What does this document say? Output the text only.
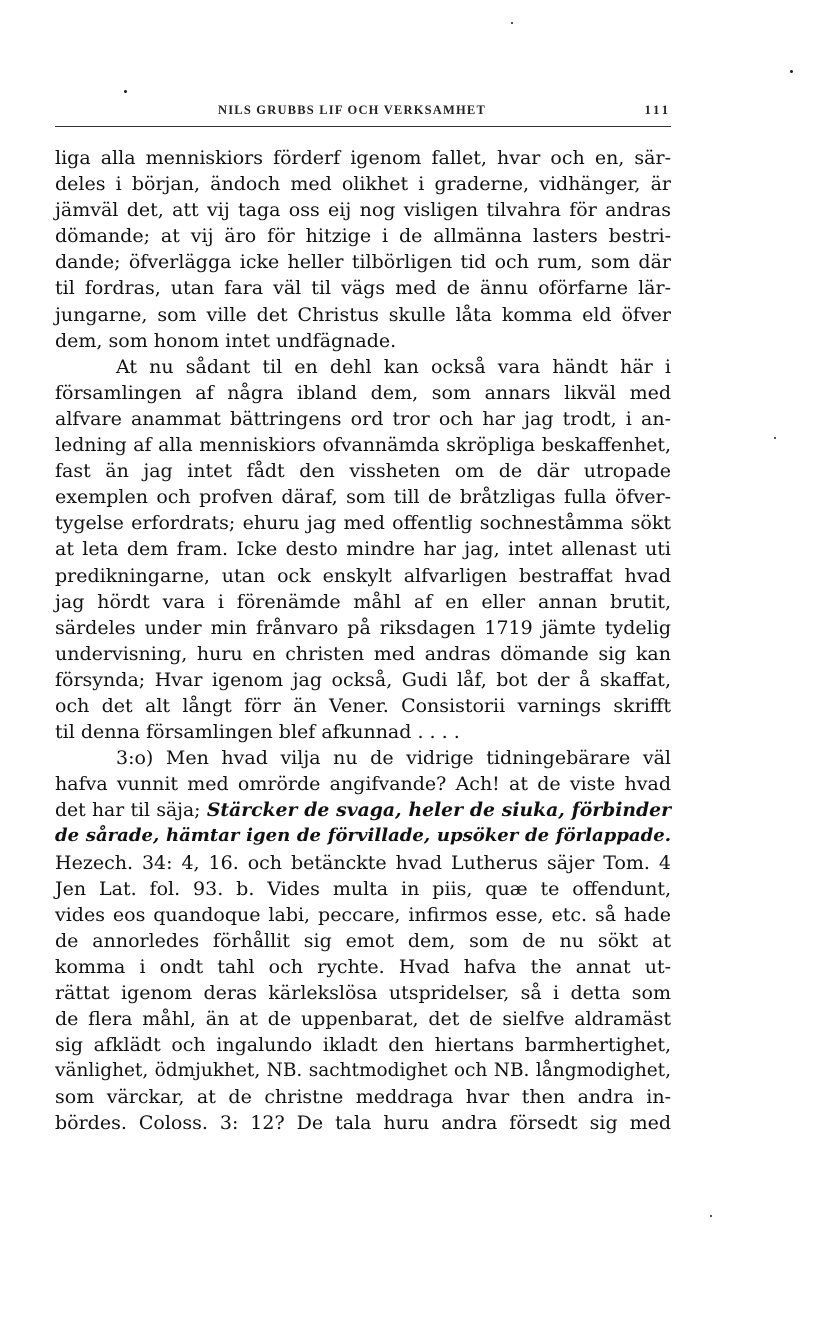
NILS GRUBBS LIF OCH VERKSAMHET	111
liga alla menniskiors förderf igenom fallet, hvar och en, sär-
deles i början, ändoch med olikhet i graderne, vidhänger, är
jämväl det, att vij taga oss eij nog visligen tilvahra för andras
dömande; at vij äro för hitzige i de allmänna lasters bestri-
dande; öfverlägga icke heller tilbörligen tid och rum, som där
til fordras, utan fara väl til vägs med de ännu oförfarne lär-
jungarne, som ville det Christus skulle låta komma eld öfver
dem, som honom intet undfägnade.
At nu sådant til en dehl kan också vara händt här i
församlingen af några ibland dem, som annars likväl med
alfvare anammat bättringens ord tror och har jag trodt, i an-
ledning af alla menniskiors ofvannämda skröpliga beskaffenhet,
fast än jag intet fådt den vissheten om de där utropade
exemplen och profven däraf, som till de bråtzligas fulla öfver-
tygelse erfordrats; ehuru jag med offentlig sochneståmma sökt
at leta dem fram. Icke desto mindre har jag, intet allenast uti
predikningarne, utan ock enskylt alfvarligen bestraffat hvad
jag hördt vara i förenämde måhl af en eller annan brutit,
särdeles under min frånvaro på riksdagen 1719 jämte tydelig
undervisning, huru en christen med andras dömande sig kan
försynda; Hvar igenom jag också, Gudi låf, bot der å skaffat,
och det alt långt förr än Vener. Consistorii varnings skrifft
til denna församlingen blef afkunnad . . . .
3:o) Men hvad vilja nu de vidrige tidningebärare väl
hafva vunnit med omrörde angifvande? Ach! at de viste hvad
det har til säja; Stärcker de svaga, heler de siuka, förbinder
de sårade, hämtar igen de förvillade, upsöker de förlappade.
Hezech. 34: 4, 16. och betänckte hvad Lutherus säjer Tom. 4
Jen Lat. fol. 93. b. Vides multa in piis, quæ te offendunt,
vides eos quandoque labi, peccare, infirmos esse, etc. så hade
de annorledes förhållit sig emot dem, som de nu sökt at
komma i ondt tahl och rychte. Hvad hafva the annat ut-
rättat igenom deras kärlekslösa utspridelser, så i detta som
de flera måhl, än at de uppenbarat, det de sielfve aldramäst
sig afklädt och ingalundo ikladt den hiertans barmhertighet,
vänlighet, ödmjukhet, NB. sachtmodighet och NB. långmodighet,
som värckar, at de christne meddraga hvar then andra in-
bördes. Coloss. 3: 12? De tala huru andra försedt sig med
